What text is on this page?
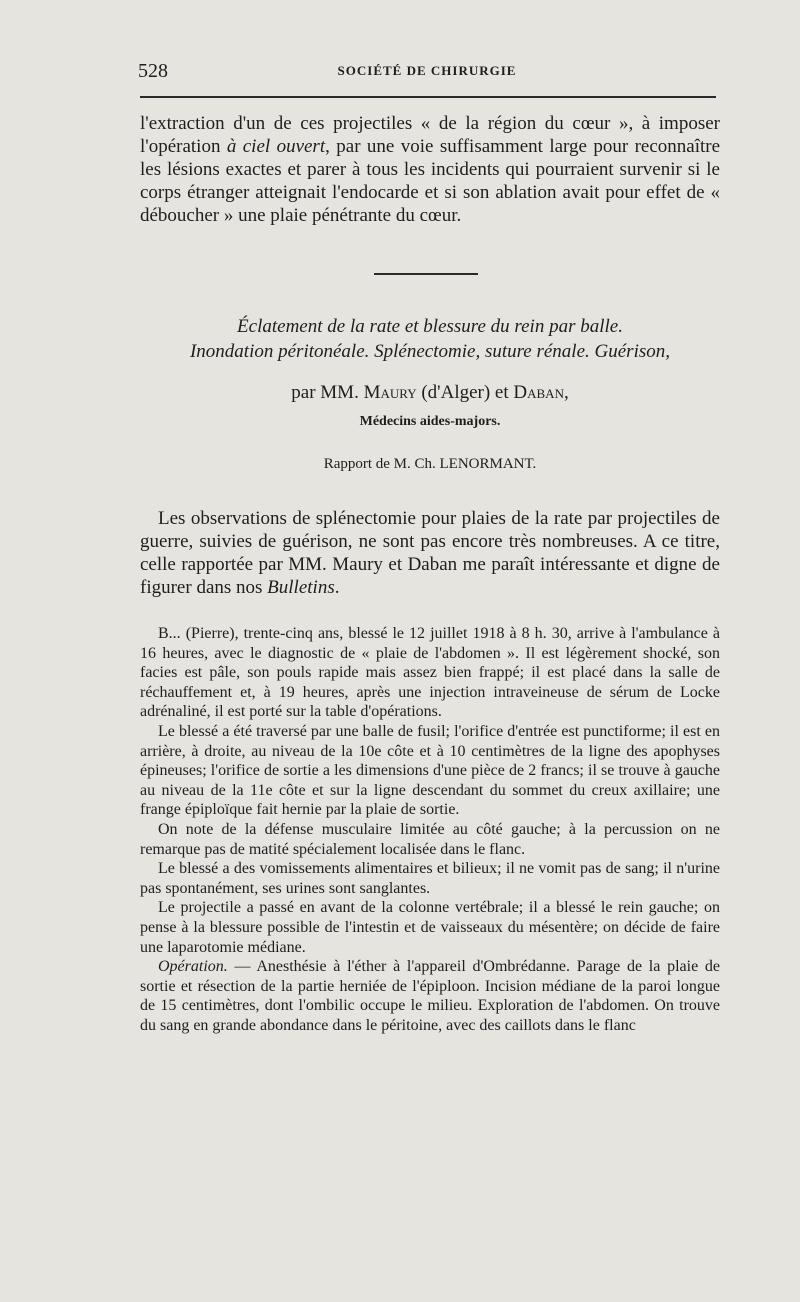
528	SOCIÉTÉ DE CHIRURGIE

l'extraction d'un de ces projectiles « de la région du cœur », à imposer l'opération à ciel ouvert, par une voie suffisamment large pour reconnaître les lésions exactes et parer à tous les incidents qui pourraient survenir si le corps étranger atteignait l'endocarde et si son ablation avait pour effet de « déboucher » une plaie pénétrante du cœur.

Éclatement de la rate et blessure du rein par balle.
Inondation péritonéale. Splénectomie, suture rénale. Guérison,
par MM. Maury (d'Alger) et Daban,
Médecins aides-majors.
Rapport de M. Ch. LENORMANT.

Les observations de splénectomie pour plaies de la rate par projectiles de guerre, suivies de guérison, ne sont pas encore très nombreuses. A ce titre, celle rapportée par MM. Maury et Daban me paraît intéressante et digne de figurer dans nos Bulletins.

B... (Pierre), trente-cinq ans, blessé le 12 juillet 1918 à 8 h. 30, arrive à l'ambulance à 16 heures, avec le diagnostic de « plaie de l'abdomen ». Il est légèrement shocké, son facies est pâle, son pouls rapide mais assez bien frappé; il est placé dans la salle de réchauffement et, à 19 heures, après une injection intraveineuse de sérum de Locke adrénaliné, il est porté sur la table d'opérations.

Le blessé a été traversé par une balle de fusil; l'orifice d'entrée est punctiforme; il est en arrière, à droite, au niveau de la 10e côte et à 10 centimètres de la ligne des apophyses épineuses; l'orifice de sortie a les dimensions d'une pièce de 2 francs; il se trouve à gauche au niveau de la 11e côte et sur la ligne descendant du sommet du creux axillaire; une frange épiploïque fait hernie par la plaie de sortie.

On note de la défense musculaire limitée au côté gauche; à la percussion on ne remarque pas de matité spécialement localisée dans le flanc.

Le blessé a des vomissements alimentaires et bilieux; il ne vomit pas de sang; il n'urine pas spontanément, ses urines sont sanglantes.

Le projectile a passé en avant de la colonne vertébrale; il a blessé le rein gauche; on pense à la blessure possible de l'intestin et de vaisseaux du mésentère; on décide de faire une laparotomie médiane.

Opération. — Anesthésie à l'éther à l'appareil d'Ombrédanne. Parage de la plaie de sortie et résection de la partie herniée de l'épiploon. Incision médiane de la paroi longue de 15 centimètres, dont l'ombilic occupe le milieu. Exploration de l'abdomen. On trouve du sang en grande abondance dans le péritoine, avec des caillots dans le flanc
